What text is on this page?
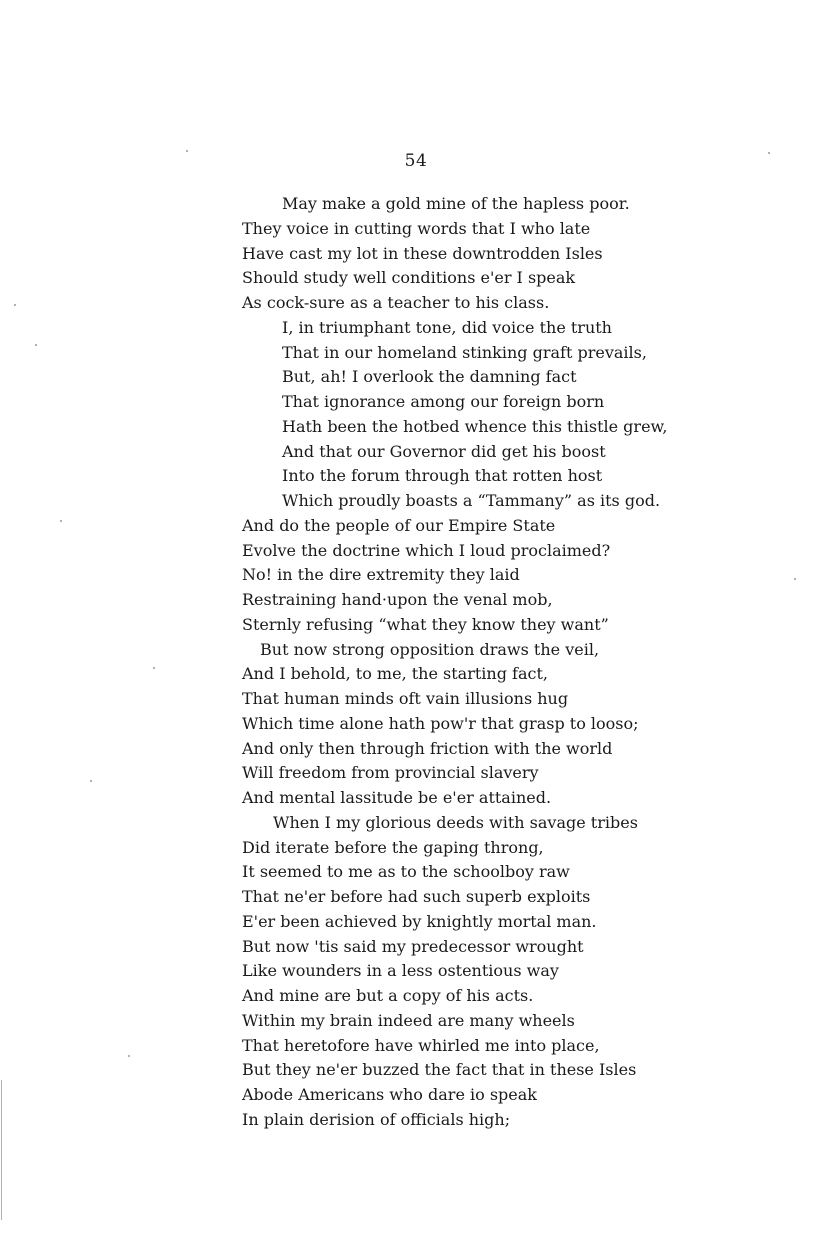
54
May make a gold mine of the hapless poor.
They voice in cutting words that I who late
Have cast my lot in these downtrodden Isles
Should study well conditions e'er I speak
As cock-sure as a teacher to his class.
I, in triumphant tone, did voice the truth
That in our homeland stinking graft prevails,
But, ah! I overlook the damning fact
That ignorance among our foreign born
Hath been the hotbed whence this thistle grew,
And that our Governor did get his boost
Into the forum through that rotten host
Which proudly boasts a “Tammany” as its god.
And do the people of our Empire State
Evolve the doctrine which I loud proclaimed?
No! in the dire extremity they laid
Restraining hand·upon the venal mob,
Sternly refusing “what they know they want”
But now strong opposition draws the veil,
And I behold, to me, the starting fact,
That human minds oft vain illusions hug
Which time alone hath pow'r that grasp to looso;
And only then through friction with the world
Will freedom from provincial slavery
And mental lassitude be e'er attained.
When I my glorious deeds with savage tribes
Did iterate before the gaping throng,
It seemed to me as to the schoolboy raw
That ne'er before had such superb exploits
E'er been achieved by knightly mortal man.
But now 'tis said my predecessor wrought
Like wounders in a less ostentious way
And mine are but a copy of his acts.
Within my brain indeed are many wheels
That heretofore have whirled me into place,
But they ne'er buzzed the fact that in these Isles
Abode Americans who dare io speak
In plain derision of officials high;
